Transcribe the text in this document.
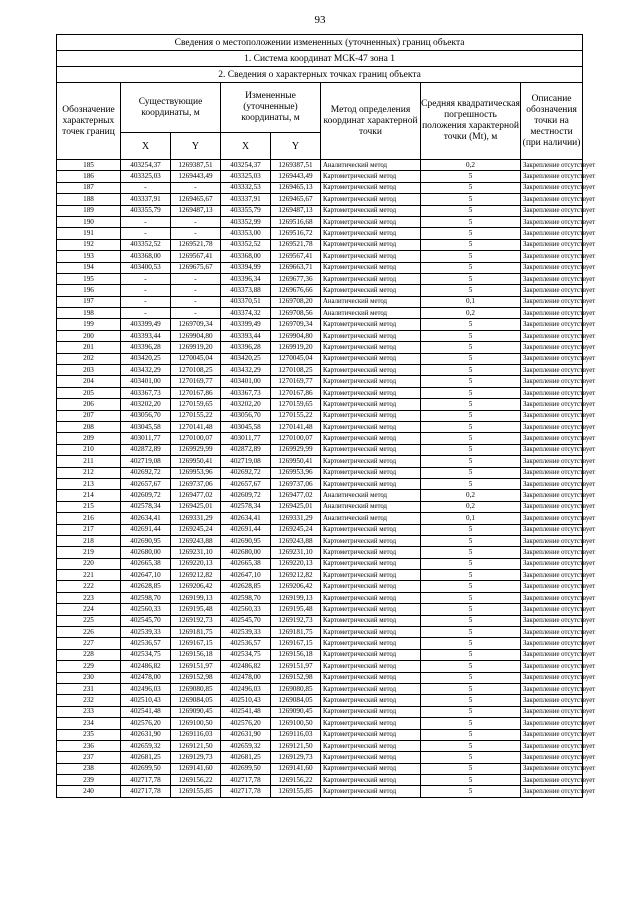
93
Сведения о местоположении измененных (уточненных) границ объекта							
1. Система координат МСК-47 зона 1							
2. Сведения о характерных точках границ объекта							
Обозначение характерных точек границ	Существующие координаты, м		Измененные (уточненные) координаты, м		Метод определения координат характерной точки	Средняя квадратическая погрешность положения характерной точки (Mt), м	Описание обозначения точки на местности (при наличии)
	X	Y	X	Y			
185	403254,37	1269387,51	403254,37	1269387,51	Аналитический метод	0,2	Закрепление отсутствует
186	403325,03	1269443,49	403325,03	1269443,49	Картометрический метод	5	Закрепление отсутствует
187	-	-	403332,53	1269465,13	Картометрический метод	5	Закрепление отсутствует
188	403337,91	1269465,67	403337,91	1269465,67	Картометрический метод	5	Закрепление отсутствует
189	403355,79	1269487,13	403355,79	1269487,13	Картометрический метод	5	Закрепление отсутствует
190	-	-	403352,99	1269516,68	Картометрический метод	5	Закрепление отсутствует
191	-	-	403353,00	1269516,72	Картометрический метод	5	Закрепление отсутствует
192	403352,52	1269521,78	403352,52	1269521,78	Картометрический метод	5	Закрепление отсутствует
193	403368,00	1269567,41	403368,00	1269567,41	Картометрический метод	5	Закрепление отсутствует
194	403400,53	1269675,67	403394,99	1269663,71	Картометрический метод	5	Закрепление отсутствует
195	-	-	403396,34	1269677,36	Картометрический метод	5	Закрепление отсутствует
196	-	-	403373,88	1269676,66	Картометрический метод	5	Закрепление отсутствует
197	-	-	403370,51	1269708,20	Аналитический метод	0,1	Закрепление отсутствует
198	-	-	403374,32	1269708,56	Аналитический метод	0,2	Закрепление отсутствует
199	403399,49	1269709,34	403399,49	1269709,34	Картометрический метод	5	Закрепление отсутствует
200	403393,44	1269904,80	403393,44	1269904,80	Картометрический метод	5	Закрепление отсутствует
201	403396,28	1269919,20	403396,28	1269919,20	Картометрический метод	5	Закрепление отсутствует
202	403420,25	1270045,04	403420,25	1270045,04	Картометрический метод	5	Закрепление отсутствует
203	403432,29	1270108,25	403432,29	1270108,25	Картометрический метод	5	Закрепление отсутствует
204	403401,00	1270169,77	403401,00	1270169,77	Картометрический метод	5	Закрепление отсутствует
205	403367,73	1270167,86	403367,73	1270167,86	Картометрический метод	5	Закрепление отсутствует
206	403202,20	1270159,65	403202,20	1270159,65	Картометрический метод	5	Закрепление отсутствует
207	403056,70	1270155,22	403056,70	1270155,22	Картометрический метод	5	Закрепление отсутствует
208	403045,58	1270141,48	403045,58	1270141,48	Картометрический метод	5	Закрепление отсутствует
209	403011,77	1270100,07	403011,77	1270100,07	Картометрический метод	5	Закрепление отсутствует
210	402872,89	1269929,99	402872,89	1269929,99	Картометрический метод	5	Закрепление отсутствует
211	402719,08	1269950,41	402719,08	1269950,41	Картометрический метод	5	Закрепление отсутствует
212	402692,72	1269953,96	402692,72	1269953,96	Картометрический метод	5	Закрепление отсутствует
213	402657,67	1269737,06	402657,67	1269737,06	Картометрический метод	5	Закрепление отсутствует
214	402609,72	1269477,02	402609,72	1269477,02	Аналитический метод	0,2	Закрепление отсутствует
215	402578,34	1269425,01	402578,34	1269425,01	Аналитический метод	0,2	Закрепление отсутствует
216	402634,41	1269331,29	402634,41	1269331,29	Аналитический метод	0,1	Закрепление отсутствует
217	402691,44	1269245,24	402691,44	1269245,24	Картометрический метод	5	Закрепление отсутствует
218	402690,95	1269243,88	402690,95	1269243,88	Картометрический метод	5	Закрепление отсутствует
219	402680,00	1269231,10	402680,00	1269231,10	Картометрический метод	5	Закрепление отсутствует
220	402665,38	1269220,13	402665,38	1269220,13	Картометрический метод	5	Закрепление отсутствует
221	402647,10	1269212,82	402647,10	1269212,82	Картометрический метод	5	Закрепление отсутствует
222	402628,85	1269206,42	402628,85	1269206,42	Картометрический метод	5	Закрепление отсутствует
223	402598,70	1269199,13	402598,70	1269199,13	Картометрический метод	5	Закрепление отсутствует
224	402560,33	1269195,48	402560,33	1269195,48	Картометрический метод	5	Закрепление отсутствует
225	402545,70	1269192,73	402545,70	1269192,73	Картометрический метод	5	Закрепление отсутствует
226	402539,33	1269181,75	402539,33	1269181,75	Картометрический метод	5	Закрепление отсутствует
227	402536,57	1269167,15	402536,57	1269167,15	Картометрический метод	5	Закрепление отсутствует
228	402534,75	1269156,18	402534,75	1269156,18	Картометрический метод	5	Закрепление отсутствует
229	402486,82	1269151,97	402486,82	1269151,97	Картометрический метод	5	Закрепление отсутствует
230	402478,00	1269152,98	402478,00	1269152,98	Картометрический метод	5	Закрепление отсутствует
231	402496,03	1269080,85	402496,03	1269080,85	Картометрический метод	5	Закрепление отсутствует
232	402510,43	1269084,05	402510,43	1269084,05	Картометрический метод	5	Закрепление отсутствует
233	402541,48	1269090,45	402541,48	1269090,45	Картометрический метод	5	Закрепление отсутствует
234	402576,20	1269100,50	402576,20	1269100,50	Картометрический метод	5	Закрепление отсутствует
235	402631,90	1269116,03	402631,90	1269116,03	Картометрический метод	5	Закрепление отсутствует
236	402659,32	1269121,50	402659,32	1269121,50	Картометрический метод	5	Закрепление отсутствует
237	402681,25	1269129,73	402681,25	1269129,73	Картометрический метод	5	Закрепление отсутствует
238	402699,50	1269141,60	402699,50	1269141,60	Картометрический метод	5	Закрепление отсутствует
239	402717,78	1269156,22	402717,78	1269156,22	Картометрический метод	5	Закрепление отсутствует
240	402717,78	1269155,85	402717,78	1269155,85	Картометрический метод	5	Закрепление отсутствует
